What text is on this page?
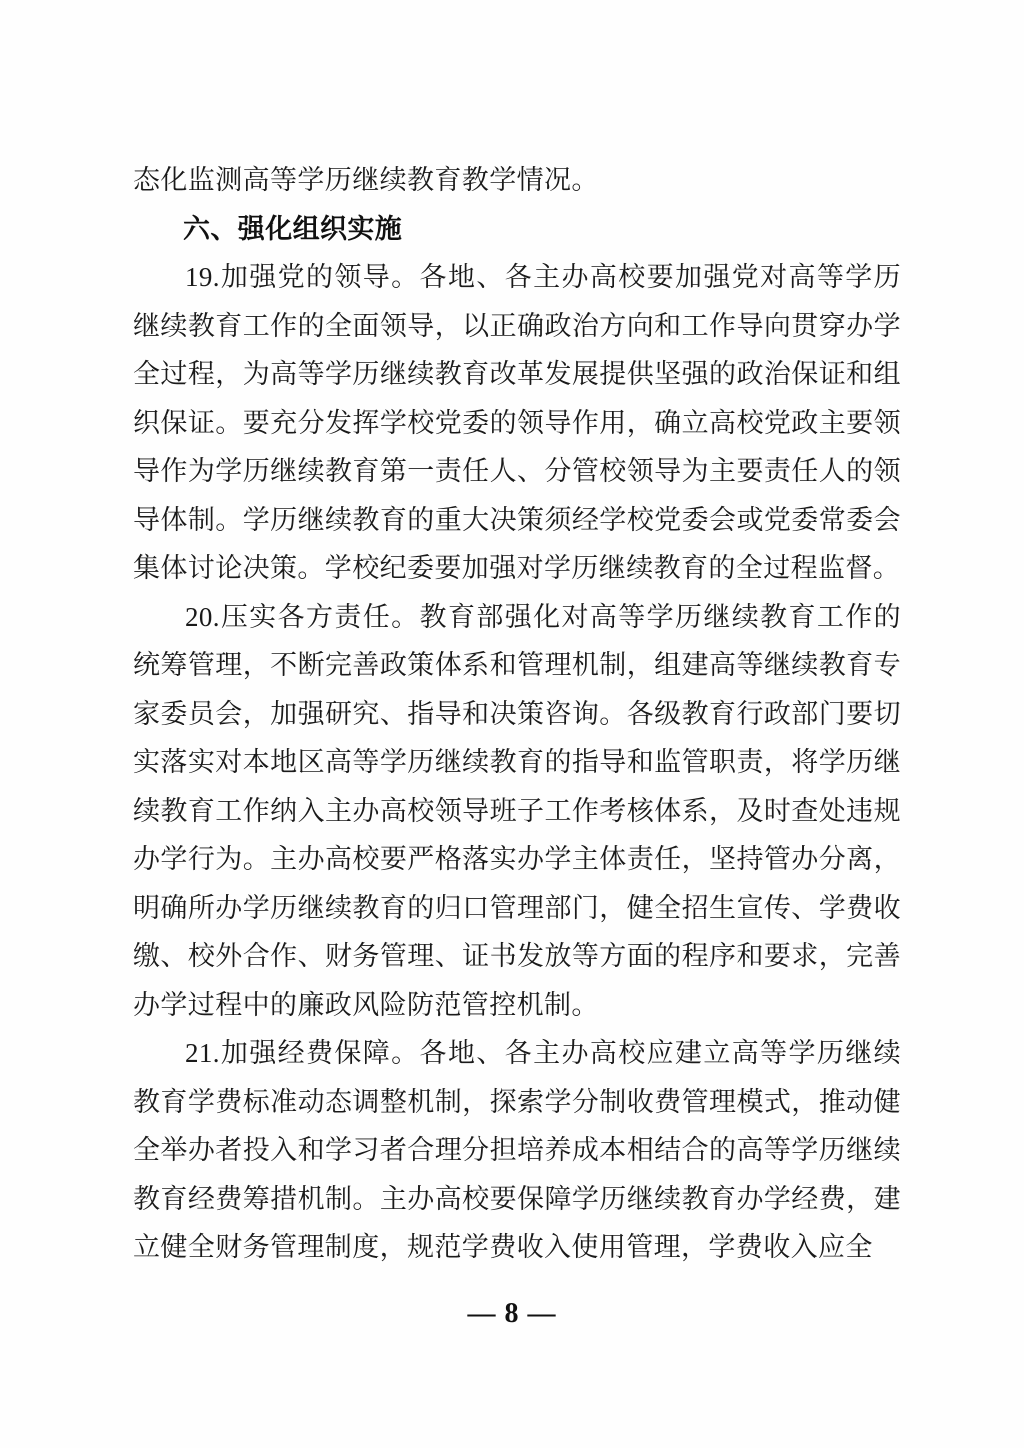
态化监测高等学历继续教育教学情况。

六、强化组织实施

19.加强党的领导。各地、各主办高校要加强党对高等学历继续教育工作的全面领导，以正确政治方向和工作导向贯穿办学全过程，为高等学历继续教育改革发展提供坚强的政治保证和组织保证。要充分发挥学校党委的领导作用，确立高校党政主要领导作为学历继续教育第一责任人、分管校领导为主要责任人的领导体制。学历继续教育的重大决策须经学校党委会或党委常委会集体讨论决策。学校纪委要加强对学历继续教育的全过程监督。

20.压实各方责任。教育部强化对高等学历继续教育工作的统筹管理，不断完善政策体系和管理机制，组建高等继续教育专家委员会，加强研究、指导和决策咨询。各级教育行政部门要切实落实对本地区高等学历继续教育的指导和监管职责，将学历继续教育工作纳入主办高校领导班子工作考核体系，及时查处违规办学行为。主办高校要严格落实办学主体责任，坚持管办分离，明确所办学历继续教育的归口管理部门，健全招生宣传、学费收缴、校外合作、财务管理、证书发放等方面的程序和要求，完善办学过程中的廉政风险防范管控机制。

21.加强经费保障。各地、各主办高校应建立高等学历继续教育学费标准动态调整机制，探索学分制收费管理模式，推动健全举办者投入和学习者合理分担培养成本相结合的高等学历继续教育经费筹措机制。主办高校要保障学历继续教育办学经费，建立健全财务管理制度，规范学费收入使用管理，学费收入应全

— 8 —
